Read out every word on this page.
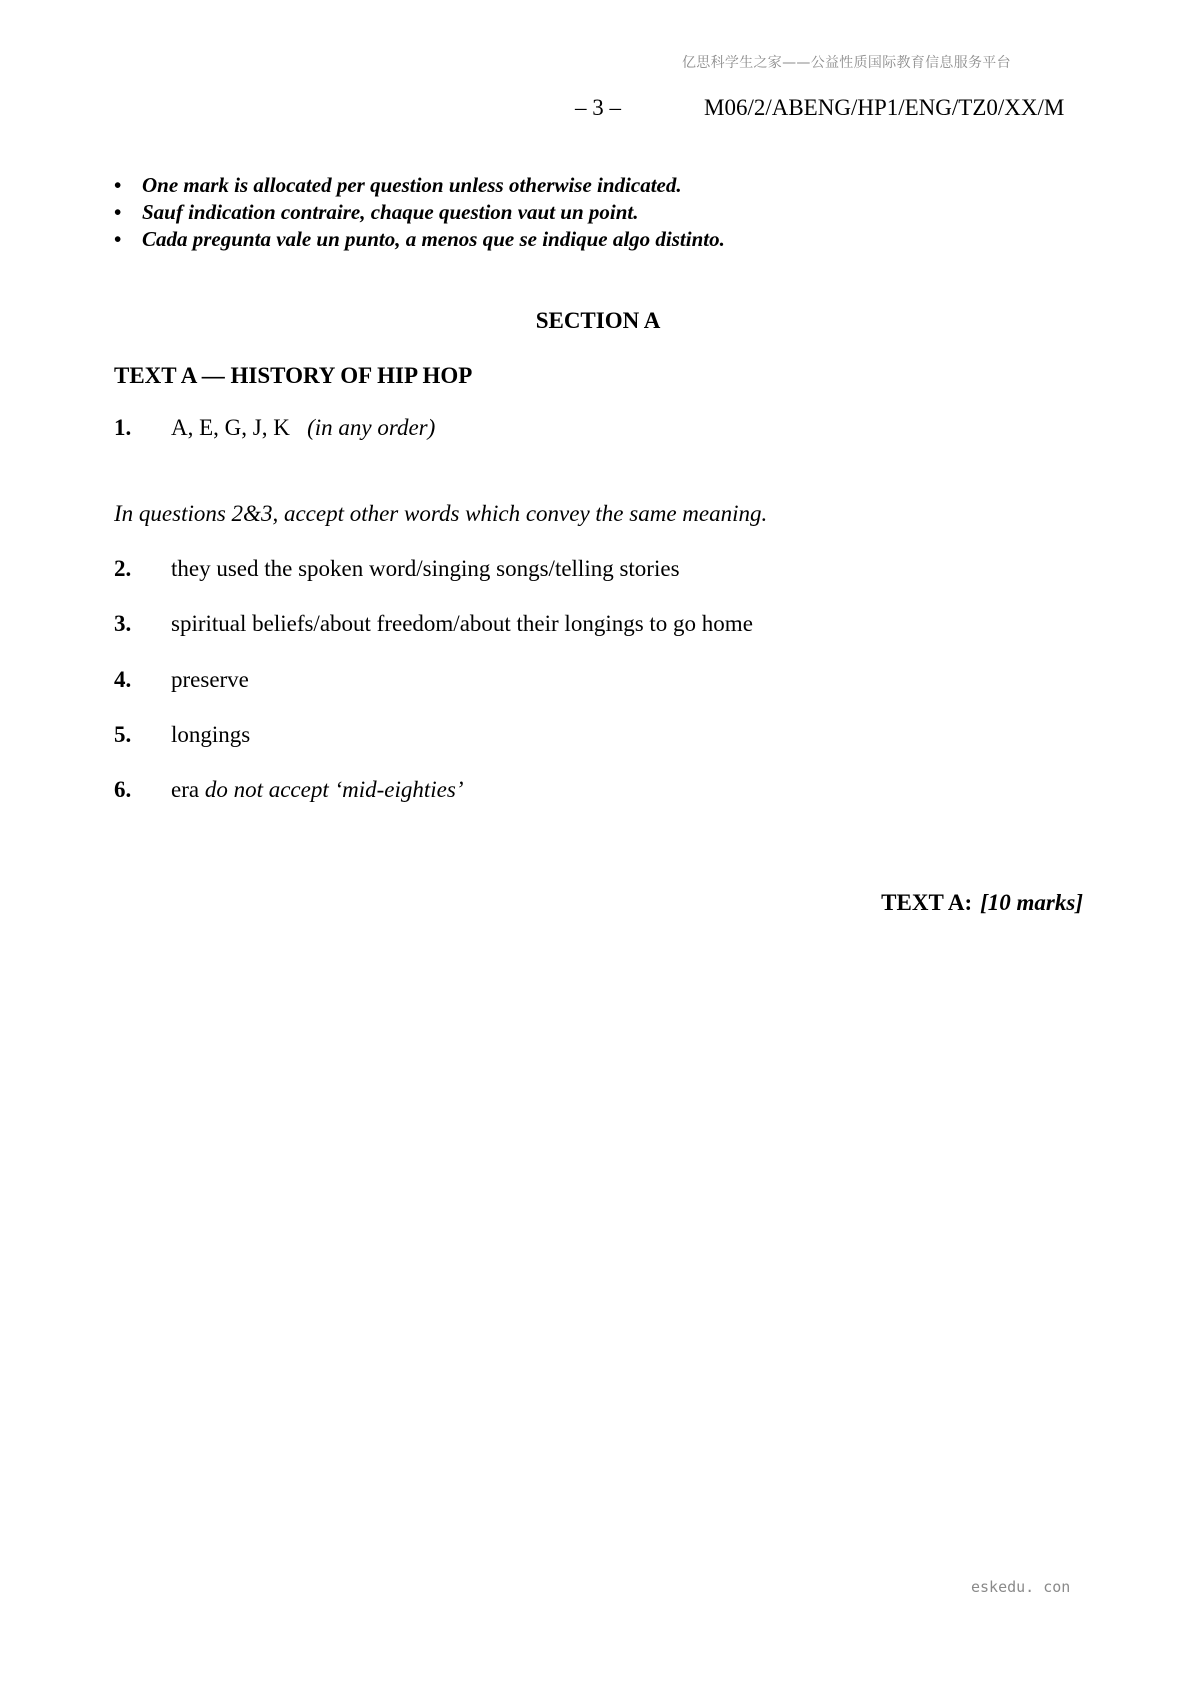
亿思科学生之家——公益性质国际教育信息服务平台
– 3 –	M06/2/ABENG/HP1/ENG/TZ0/XX/M
• One mark is allocated per question unless otherwise indicated.
• Sauf indication contraire, chaque question vaut un point.
• Cada pregunta vale un punto, a menos que se indique algo distinto.
SECTION A
TEXT A — HISTORY OF HIP HOP
1. A, E, G, J, K (in any order)
In questions 2&3, accept other words which convey the same meaning.
2. they used the spoken word/singing songs/telling stories
3. spiritual beliefs/about freedom/about their longings to go home
4. preserve
5. longings
6. era do not accept ‘mid-eighties’
TEXT A: [10 marks]
eskedu. con
